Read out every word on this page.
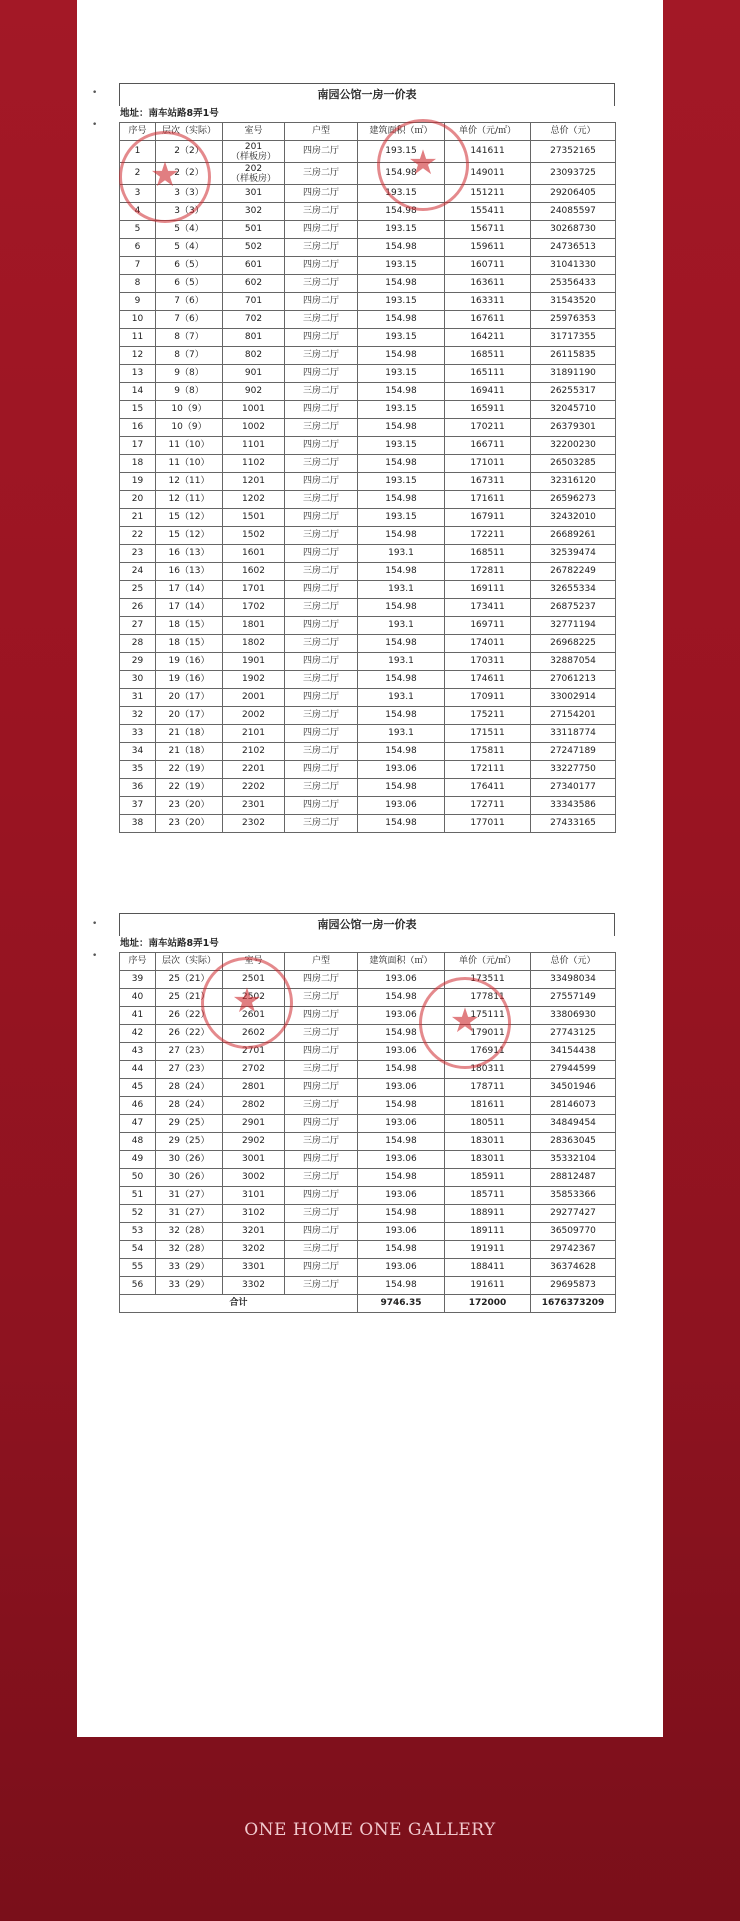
•
•
南园公馆一房一价表
地址：南车站路8弄1号
序号	层次（实际）	室号	户型	建筑面积（㎡）	单价（元/㎡）	总价（元）
1	2（2）	201
（样板房）	四房二厅	193.15	141611	27352165
2	2（2）	202
（样板房）	三房二厅	154.98	149011	23093725
3	3（3）	301	四房二厅	193.15	151211	29206405
4	3（3）	302	三房二厅	154.98	155411	24085597
5	5（4）	501	四房二厅	193.15	156711	30268730
6	5（4）	502	三房二厅	154.98	159611	24736513
7	6（5）	601	四房二厅	193.15	160711	31041330
8	6（5）	602	三房二厅	154.98	163611	25356433
9	7（6）	701	四房二厅	193.15	163311	31543520
10	7（6）	702	三房二厅	154.98	167611	25976353
11	8（7）	801	四房二厅	193.15	164211	31717355
12	8（7）	802	三房二厅	154.98	168511	26115835
13	9（8）	901	四房二厅	193.15	165111	31891190
14	9（8）	902	三房二厅	154.98	169411	26255317
15	10（9）	1001	四房二厅	193.15	165911	32045710
16	10（9）	1002	三房二厅	154.98	170211	26379301
17	11（10）	1101	四房二厅	193.15	166711	32200230
18	11（10）	1102	三房二厅	154.98	171011	26503285
19	12（11）	1201	四房二厅	193.15	167311	32316120
20	12（11）	1202	三房二厅	154.98	171611	26596273
21	15（12）	1501	四房二厅	193.15	167911	32432010
22	15（12）	1502	三房二厅	154.98	172211	26689261
23	16（13）	1601	四房二厅	193.1	168511	32539474
24	16（13）	1602	三房二厅	154.98	172811	26782249
25	17（14）	1701	四房二厅	193.1	169111	32655334
26	17（14）	1702	三房二厅	154.98	173411	26875237
27	18（15）	1801	四房二厅	193.1	169711	32771194
28	18（15）	1802	三房二厅	154.98	174011	26968225
29	19（16）	1901	四房二厅	193.1	170311	32887054
30	19（16）	1902	三房二厅	154.98	174611	27061213
31	20（17）	2001	四房二厅	193.1	170911	33002914
32	20（17）	2002	三房二厅	154.98	175211	27154201
33	21（18）	2101	四房二厅	193.1	171511	33118774
34	21（18）	2102	三房二厅	154.98	175811	27247189
35	22（19）	2201	四房二厅	193.06	172111	33227750
36	22（19）	2202	三房二厅	154.98	176411	27340177
37	23（20）	2301	四房二厅	193.06	172711	33343586
38	23（20）	2302	三房二厅	154.98	177011	27433165
★
★
•
•
南园公馆一房一价表
地址：南车站路8弄1号
序号	层次（实际）	室号	户型	建筑面积（㎡）	单价（元/㎡）	总价（元）
39	25（21）	2501	四房二厅	193.06	173511	33498034
40	25（21）	2502	三房二厅	154.98	177811	27557149
41	26（22）	2601	四房二厅	193.06	175111	33806930
42	26（22）	2602	三房二厅	154.98	179011	27743125
43	27（23）	2701	四房二厅	193.06	176911	34154438
44	27（23）	2702	三房二厅	154.98	180311	27944599
45	28（24）	2801	四房二厅	193.06	178711	34501946
46	28（24）	2802	三房二厅	154.98	181611	28146073
47	29（25）	2901	四房二厅	193.06	180511	34849454
48	29（25）	2902	三房二厅	154.98	183011	28363045
49	30（26）	3001	四房二厅	193.06	183011	35332104
50	30（26）	3002	三房二厅	154.98	185911	28812487
51	31（27）	3101	四房二厅	193.06	185711	35853366
52	31（27）	3102	三房二厅	154.98	188911	29277427
53	32（28）	3201	四房二厅	193.06	189111	36509770
54	32（28）	3202	三房二厅	154.98	191911	29742367
55	33（29）	3301	四房二厅	193.06	188411	36374628
56	33（29）	3302	三房二厅	154.98	191611	29695873
合计				9746.35	172000	1676373209
★
★
ONE HOME ONE GALLERY
